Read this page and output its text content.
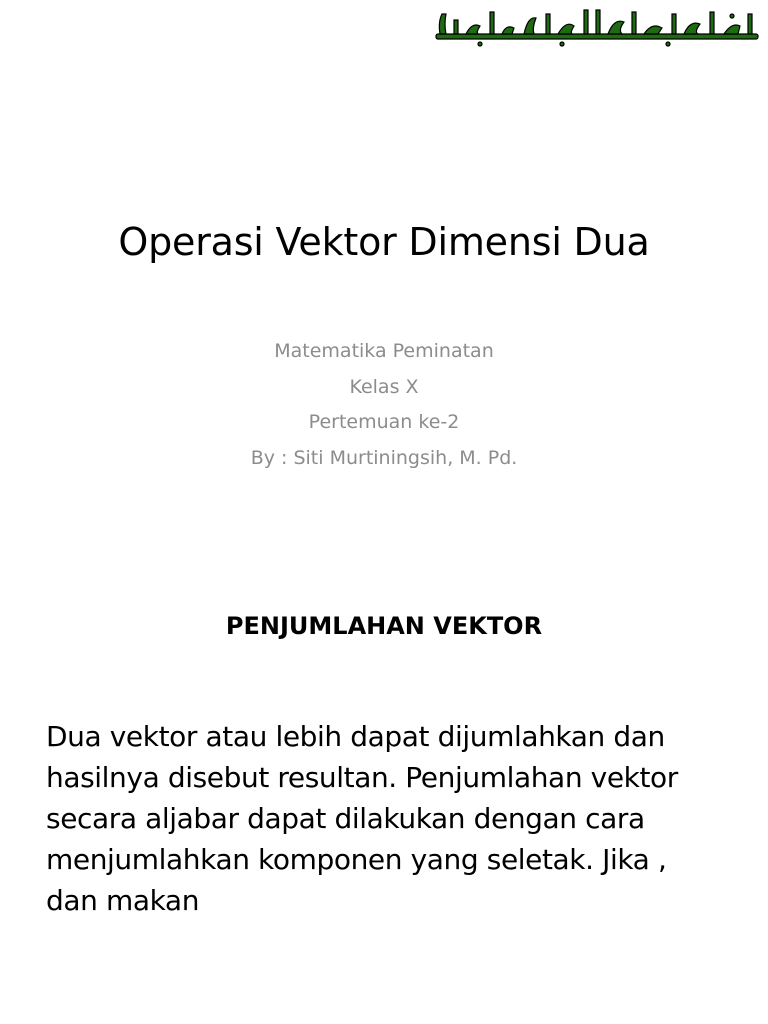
Operasi Vektor Dimensi Dua
Matematika Peminatan
Kelas X
Pertemuan ke-2
By : Siti Murtiningsih, M. Pd.
PENJUMLAHAN VEKTOR
Dua vektor atau lebih dapat dijumlahkan dan
hasilnya disebut resultan. Penjumlahan vektor
secara aljabar dapat dilakukan dengan cara
menjumlahkan komponen yang seletak. Jika ,
dan makan
